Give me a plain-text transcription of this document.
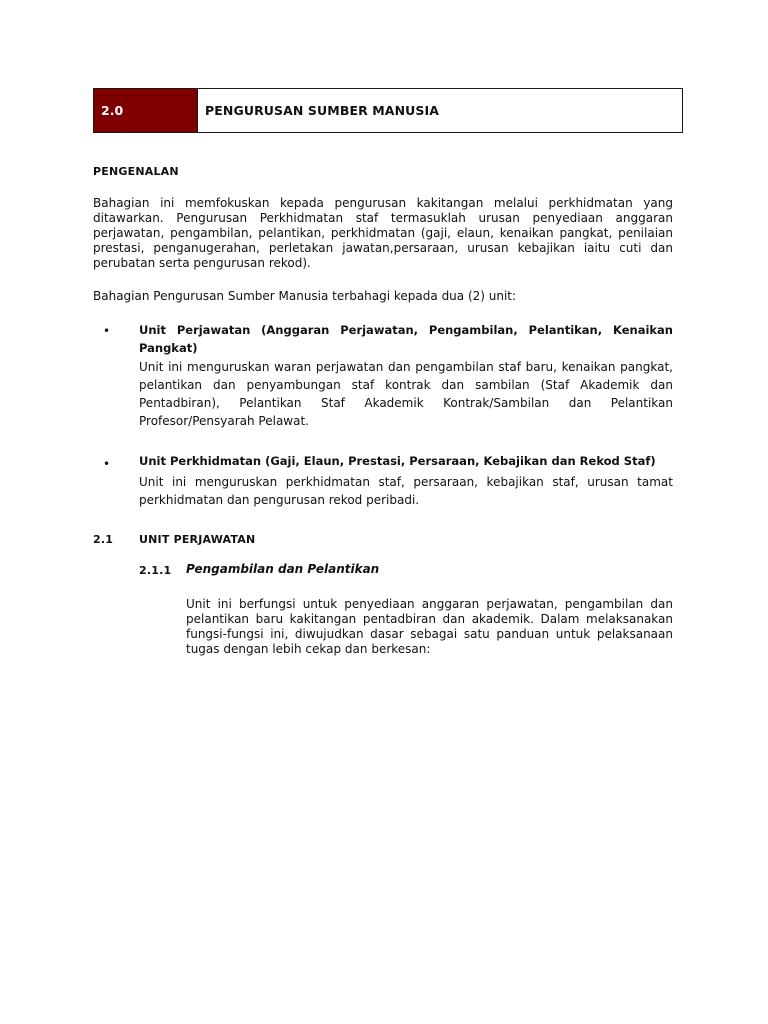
2.0	PENGURUSAN SUMBER MANUSIA
PENGENALAN
Bahagian ini memfokuskan kepada pengurusan kakitangan melalui perkhidmatan yang ditawarkan. Pengurusan Perkhidmatan staf termasuklah urusan penyediaan anggaran perjawatan, pengambilan, pelantikan, perkhidmatan (gaji, elaun, kenaikan pangkat, penilaian prestasi, penganugerahan, perletakan jawatan,persaraan, urusan kebajikan iaitu cuti dan perubatan serta pengurusan rekod).
Bahagian Pengurusan Sumber Manusia terbahagi kepada dua (2) unit:
•	Unit Perjawatan (Anggaran Perjawatan, Pengambilan, Pelantikan, Kenaikan Pangkat)
Unit ini menguruskan waran perjawatan dan pengambilan staf baru, kenaikan pangkat, pelantikan dan penyambungan staf kontrak dan sambilan (Staf Akademik dan Pentadbiran), Pelantikan Staf Akademik Kontrak/Sambilan dan Pelantikan Profesor/Pensyarah Pelawat.
•	Unit Perkhidmatan (Gaji, Elaun, Prestasi, Persaraan, Kebajikan dan Rekod Staf)
Unit ini menguruskan perkhidmatan staf, persaraan, kebajikan staf, urusan tamat perkhidmatan dan pengurusan rekod peribadi.
2.1 UNIT PERJAWATAN
2.1.1 Pengambilan dan Pelantikan
Unit ini berfungsi untuk penyediaan anggaran perjawatan, pengambilan dan pelantikan baru kakitangan pentadbiran dan akademik. Dalam melaksanakan fungsi-fungsi ini, diwujudkan dasar sebagai satu panduan untuk pelaksanaan tugas dengan lebih cekap dan berkesan:
